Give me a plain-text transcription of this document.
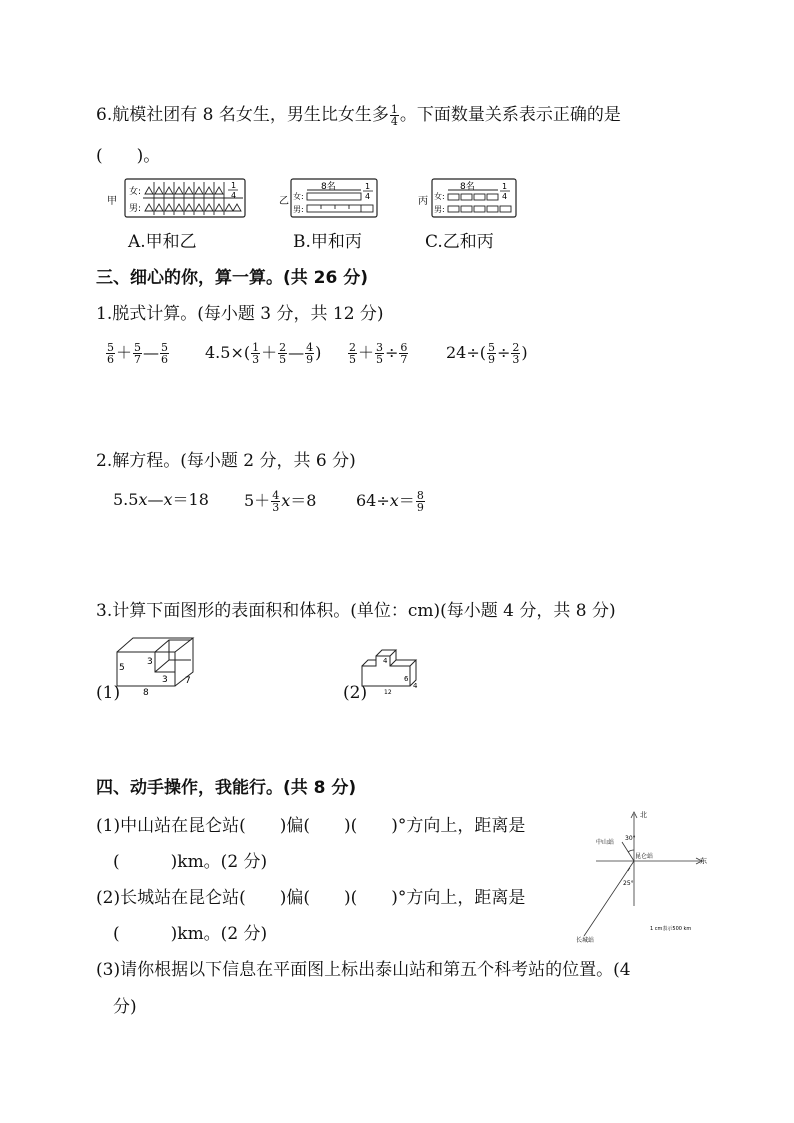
6.航模社团有 8 名女生，男生比女生多 $\frac{1}{4}$ 。下面数量关系表示正确的是
(　　)。
甲
女:
男:
1
4
乙
8名
女:
男:
1
4	丙
8名
女:
男:
1
4
A.甲和乙	B.甲和丙	C.乙和丙
三、细心的你，算一算。(共 26 分)
1.脱式计算。(每小题 3 分，共 12 分)
$\frac{5}{6} + \frac{5}{7}$ — $\frac{5}{6} 4.5\times( \frac{1}{3} + \frac{2}{5}$ — $\frac{4}{9}$ ) $\frac{2}{5} + \frac{3}{5} \div \frac{6}{7} 24\div( \frac{5}{9} \div \frac{2}{3}$ )
2.解方程。(每小题 2 分，共 6 分)
5.5x—x＝18 $5+ \frac{4}{3} x=8$ $64\div x= \frac{8}{9}$
3.计算下面图形的表面积和体积。(单位：cm)(每小题 4 分，共 8 分)
(1)
5
3
3
8
7
(2)
4
6
12
4
四、动手操作，我能行。(共 8 分)
(1)中山站在昆仑站(　　)偏(　　)(　　)°方向上，距离是
(　　　)km。(2 分)
(2)长城站在昆仑站(　　)偏(　　)(　　)°方向上，距离是
(　　　)km。(2 分)
(3)请你根据以下信息在平面图上标出泰山站和第五个科考站的位置。(4
分)
北
东
中山站
昆仑站
30°
25°
1 cm表示500 km
长城站
